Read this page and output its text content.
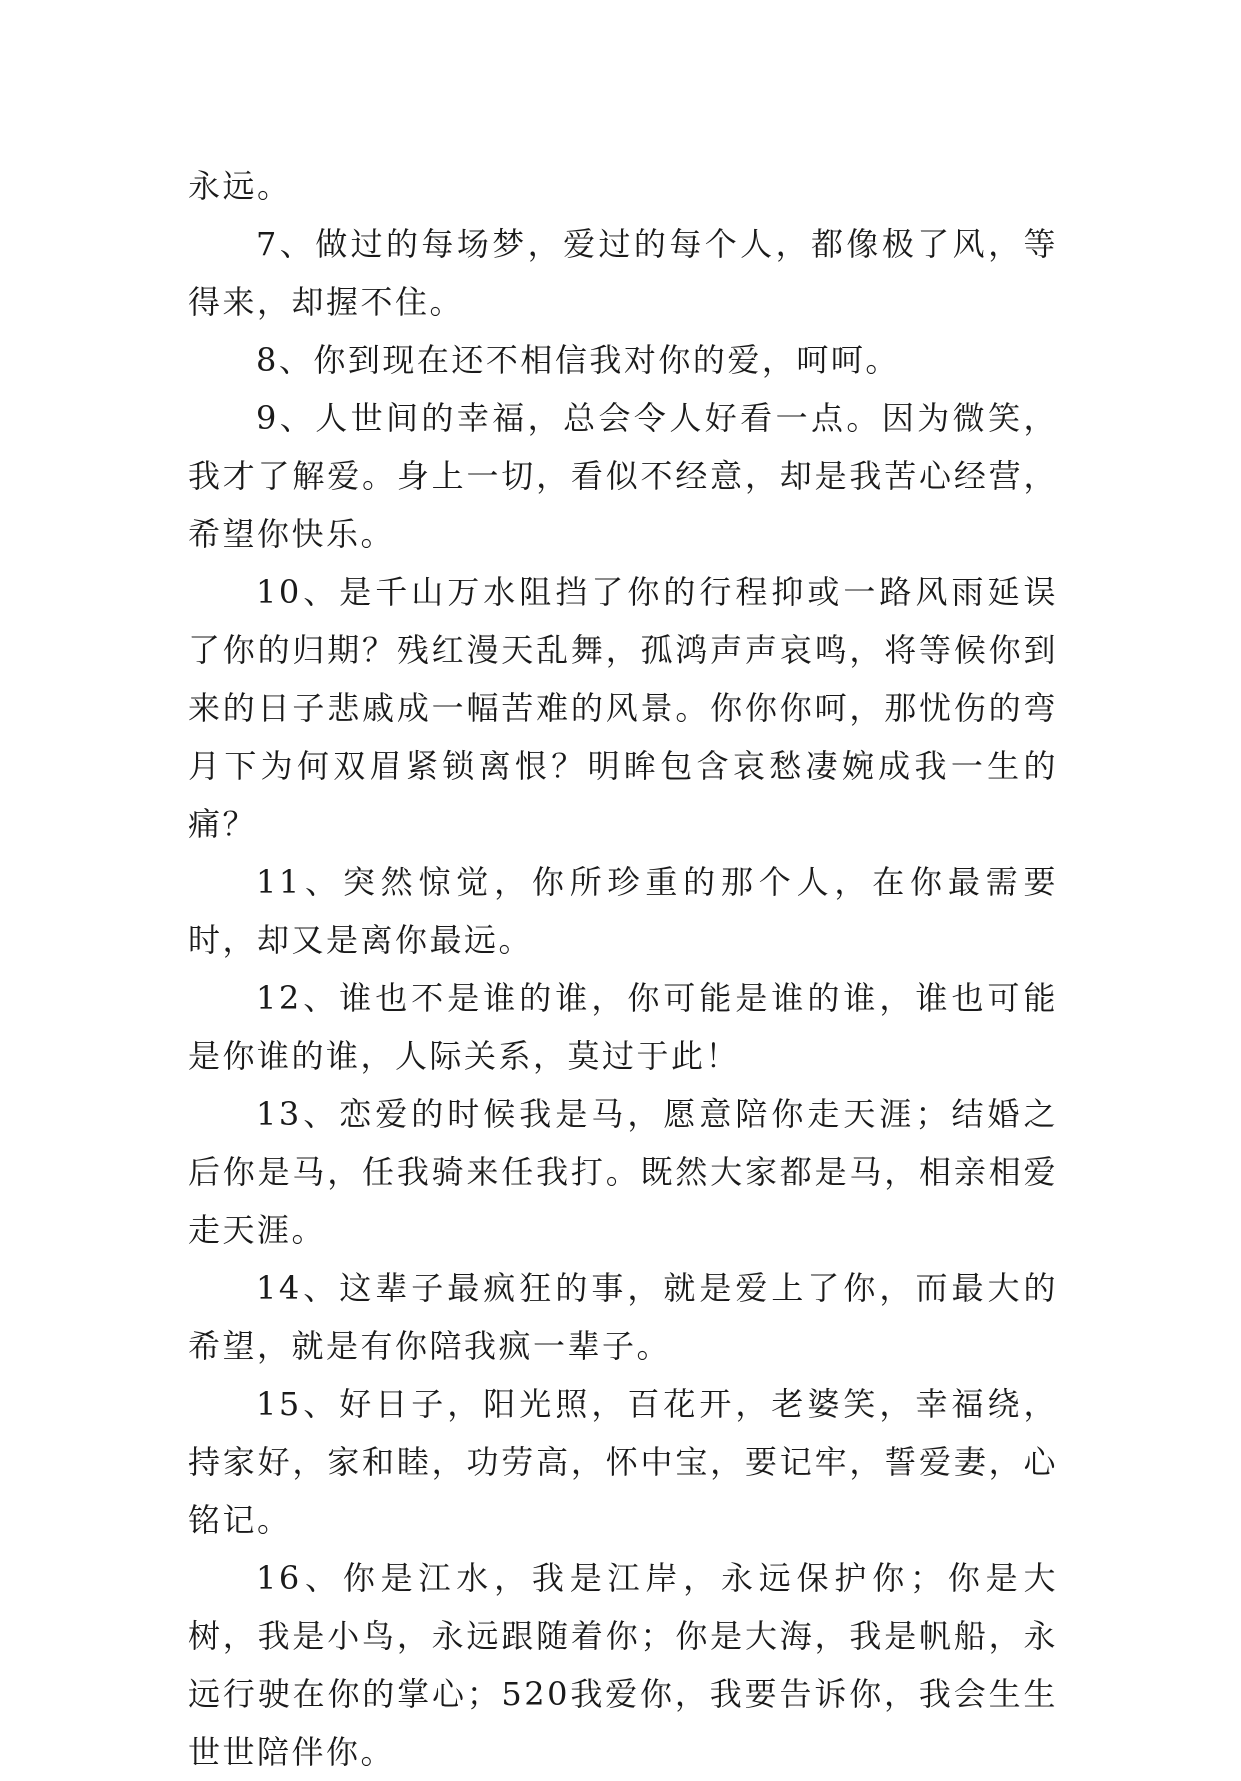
永远。

7、做过的每场梦，爱过的每个人，都像极了风，等得来，却握不住。

8、你到现在还不相信我对你的爱，呵呵。

9、人世间的幸福，总会令人好看一点。因为微笑，我才了解爱。身上一切，看似不经意，却是我苦心经营，希望你快乐。

10、是千山万水阻挡了你的行程抑或一路风雨延误了你的归期？残红漫天乱舞，孤鸿声声哀鸣，将等候你到来的日子悲戚成一幅苦难的风景。你你你呵，那忧伤的弯月下为何双眉紧锁离恨？明眸包含哀愁凄婉成我一生的痛？

11、突然惊觉，你所珍重的那个人，在你最需要时，却又是离你最远。

12、谁也不是谁的谁，你可能是谁的谁，谁也可能是你谁的谁，人际关系，莫过于此！

13、恋爱的时候我是马，愿意陪你走天涯；结婚之后你是马，任我骑来任我打。既然大家都是马，相亲相爱走天涯。

14、这辈子最疯狂的事，就是爱上了你，而最大的希望，就是有你陪我疯一辈子。

15、好日子，阳光照，百花开，老婆笑，幸福绕，持家好，家和睦，功劳高，怀中宝，要记牢，誓爱妻，心铭记。

16、你是江水，我是江岸，永远保护你；你是大树，我是小鸟，永远跟随着你；你是大海，我是帆船，永远行驶在你的掌心；520我爱你，我要告诉你，我会生生世世陪伴你。
